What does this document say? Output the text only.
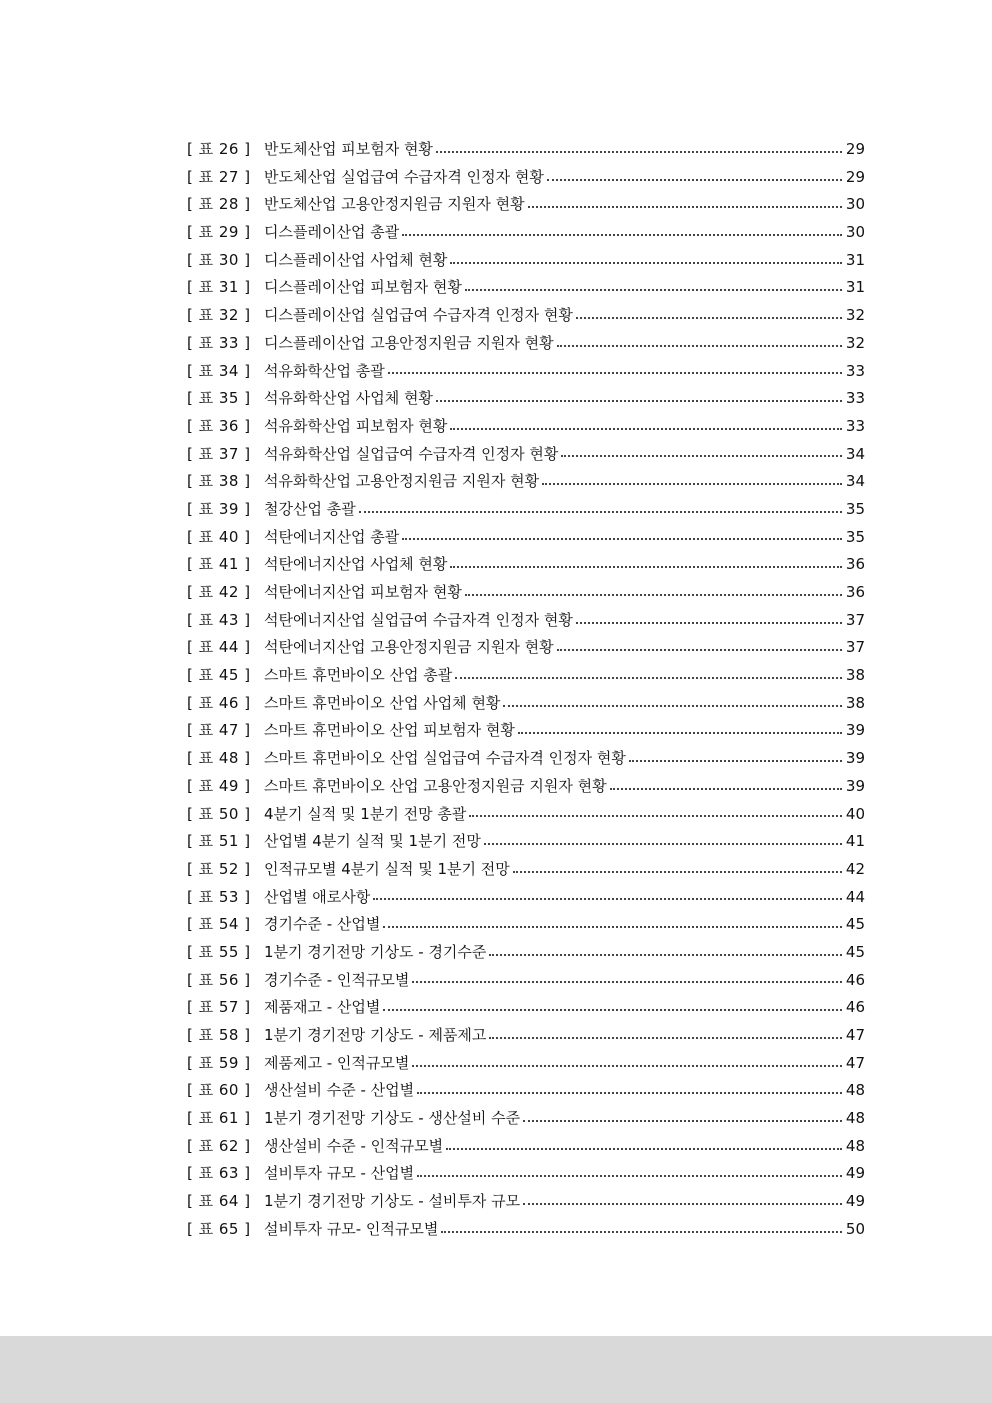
[ 표 26 ] 반도체산업 피보험자 현황	29
[ 표 27 ] 반도체산업 실업급여 수급자격 인정자 현황	29
[ 표 28 ] 반도체산업 고용안정지원금 지원자 현황	30
[ 표 29 ] 디스플레이산업 총괄	30
[ 표 30 ] 디스플레이산업 사업체 현황	31
[ 표 31 ] 디스플레이산업 피보험자 현황	31
[ 표 32 ] 디스플레이산업 실업급여 수급자격 인정자 현황	32
[ 표 33 ] 디스플레이산업 고용안정지원금 지원자 현황	32
[ 표 34 ] 석유화학산업 총괄	33
[ 표 35 ] 석유화학산업 사업체 현황	33
[ 표 36 ] 석유화학산업 피보험자 현황	33
[ 표 37 ] 석유화학산업 실업급여 수급자격 인정자 현황	34
[ 표 38 ] 석유화학산업 고용안정지원금 지원자 현황	34
[ 표 39 ] 철강산업 총괄	35
[ 표 40 ] 석탄에너지산업 총괄	35
[ 표 41 ] 석탄에너지산업 사업체 현황	36
[ 표 42 ] 석탄에너지산업 피보험자 현황	36
[ 표 43 ] 석탄에너지산업 실업급여 수급자격 인정자 현황	37
[ 표 44 ] 석탄에너지산업 고용안정지원금 지원자 현황	37
[ 표 45 ] 스마트 휴먼바이오 산업 총괄	38
[ 표 46 ] 스마트 휴먼바이오 산업 사업체 현황	38
[ 표 47 ] 스마트 휴먼바이오 산업 피보험자 현황	39
[ 표 48 ] 스마트 휴먼바이오 산업 실업급여 수급자격 인정자 현황	39
[ 표 49 ] 스마트 휴먼바이오 산업 고용안정지원금 지원자 현황	39
[ 표 50 ] 4분기 실적 및 1분기 전망 총괄	40
[ 표 51 ] 산업별 4분기 실적 및 1분기 전망	41
[ 표 52 ] 인적규모별 4분기 실적 및 1분기 전망	42
[ 표 53 ] 산업별 애로사항	44
[ 표 54 ] 경기수준 - 산업별	45
[ 표 55 ] 1분기 경기전망 기상도 - 경기수준	45
[ 표 56 ] 경기수준 - 인적규모별	46
[ 표 57 ] 제품재고 - 산업별	46
[ 표 58 ] 1분기 경기전망 기상도 - 제품제고	47
[ 표 59 ] 제품제고 - 인적규모별	47
[ 표 60 ] 생산설비 수준 - 산업별	48
[ 표 61 ] 1분기 경기전망 기상도 - 생산설비 수준	48
[ 표 62 ] 생산설비 수준 - 인적규모별	48
[ 표 63 ] 설비투자 규모 - 산업별	49
[ 표 64 ] 1분기 경기전망 기상도 - 설비투자 규모	49
[ 표 65 ] 설비투자 규모- 인적규모별	50
